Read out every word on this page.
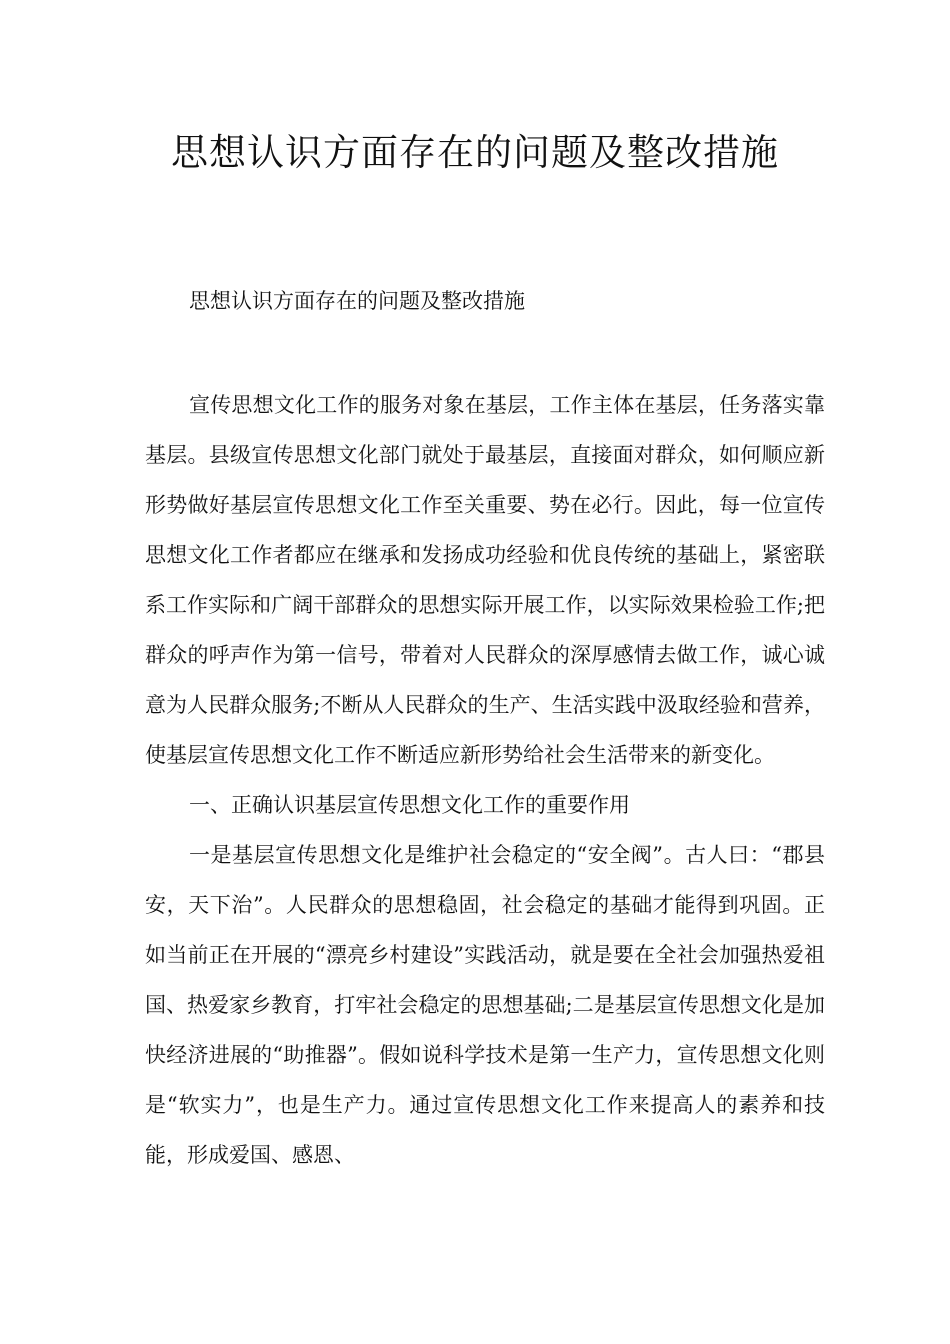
思想认识方面存在的问题及整改措施
思想认识方面存在的问题及整改措施

宣传思想文化工作的服务对象在基层，工作主体在基层，任务落实靠基层。县级宣传思想文化部门就处于最基层，直接面对群众，如何顺应新形势做好基层宣传思想文化工作至关重要、势在必行。因此，每一位宣传思想文化工作者都应在继承和发扬成功经验和优良传统的基础上，紧密联系工作实际和广阔干部群众的思想实际开展工作，以实际效果检验工作;把群众的呼声作为第一信号，带着对人民群众的深厚感情去做工作，诚心诚意为人民群众服务;不断从人民群众的生产、生活实践中汲取经验和营养，使基层宣传思想文化工作不断适应新形势给社会生活带来的新变化。

一、正确认识基层宣传思想文化工作的重要作用

一是基层宣传思想文化是维护社会稳定的“安全阀”。古人曰：“郡县安，天下治”。人民群众的思想稳固，社会稳定的基础才能得到巩固。正如当前正在开展的“漂亮乡村建设”实践活动，就是要在全社会加强热爱祖国、热爱家乡教育，打牢社会稳定的思想基础;二是基层宣传思想文化是加快经济进展的“助推器”。假如说科学技术是第一生产力，宣传思想文化则是“软实力”，也是生产力。通过宣传思想文化工作来提高人的素养和技能，形成爱国、感恩、
